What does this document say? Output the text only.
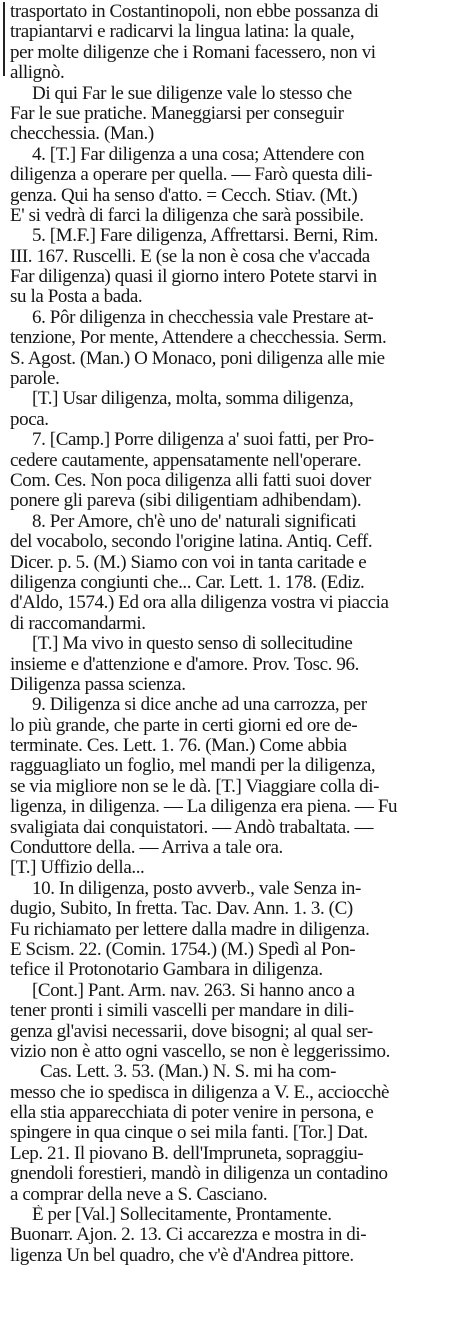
trasportato in Costantinopoli, non ebbe possanza di
trapiantarvi e radicarvi la lingua latina: la quale,
per molte diligenze che i Romani facessero, non vi
allignò.
Di qui Far le sue diligenze vale lo stesso che
Far le sue pratiche. Maneggiarsi per conseguir
checchessia. (Man.)
4. [T.] Far diligenza a una cosa; Attendere con
diligenza a operare per quella. — Farò questa dili-
genza. Qui ha senso d'atto. = Cecch. Stiav. (Mt.)
E' si vedrà di farci la diligenza che sarà possibile.
5. [M.F.] Fare diligenza, Affrettarsi. Berni, Rim.
III. 167. Ruscelli. E (se la non è cosa che v'accada
Far diligenza) quasi il giorno intero Potete starvi in
su la Posta a bada.
6. Pôr diligenza in checchessia vale Prestare at-
tenzione, Por mente, Attendere a checchessia. Serm.
S. Agost. (Man.) O Monaco, poni diligenza alle mie
parole.
[T.] Usar diligenza, molta, somma diligenza,
poca.
7. [Camp.] Porre diligenza a' suoi fatti, per Pro-
cedere cautamente, appensatamente nell'operare.
Com. Ces. Non poca diligenza alli fatti suoi dover
ponere gli pareva (sibi diligentiam adhibendam).
8. Per Amore, ch'è uno de' naturali significati
del vocabolo, secondo l'origine latina. Antiq. Ceff.
Dicer. p. 5. (M.) Siamo con voi in tanta caritade e
diligenza congiunti che... Car. Lett. 1. 178. (Ediz.
d'Aldo, 1574.) Ed ora alla diligenza vostra vi piaccia
di raccomandarmi.
[T.] Ma vivo in questo senso di sollecitudine
insieme e d'attenzione e d'amore. Prov. Tosc. 96.
Diligenza passa scienza.
9. Diligenza si dice anche ad una carrozza, per
lo più grande, che parte in certi giorni ed ore de-
terminate. Ces. Lett. 1. 76. (Man.) Come abbia
ragguagliato un foglio, mel mandi per la diligenza,
se via migliore non se le dà. [T.] Viaggiare colla di-
ligenza, in diligenza. — La diligenza era piena. — Fu
svaligiata dai conquistatori. — Andò trabaltata. —
Conduttore della. — Arriva a tale ora.
[T.] Uffizio della...
10. In diligenza, posto avverb., vale Senza in-
dugio, Subito, In fretta. Tac. Dav. Ann. 1. 3. (C)
Fu richiamato per lettere dalla madre in diligenza.
E Scism. 22. (Comin. 1754.) (M.) Spedì al Pon-
tefice il Protonotario Gambara in diligenza.
[Cont.] Pant. Arm. nav. 263. Si hanno anco a
tener pronti i simili vascelli per mandare in dili-
genza gl'avisi necessarii, dove bisogni; al qual ser-
vizio non è atto ogni vascello, se non è leggerissimo.
Cas. Lett. 3. 53. (Man.) N. S. mi ha com-
messo che io spedisca in diligenza a V. E., acciocchè
ella stia apparecchiata di poter venire in persona, e
spingere in qua cinque o sei mila fanti. [Tor.] Dat.
Lep. 21. Il piovano B. dell'Impruneta, sopraggiu-
gnendoli forestieri, mandò in diligenza un contadino
a comprar della neve a S. Casciano.
È per [Val.] Sollecitamente, Prontamente.
Buonarr. Ajon. 2. 13. Ci accarezza e mostra in di-
ligenza Un bel quadro, che v'è d'Andrea pittore.
